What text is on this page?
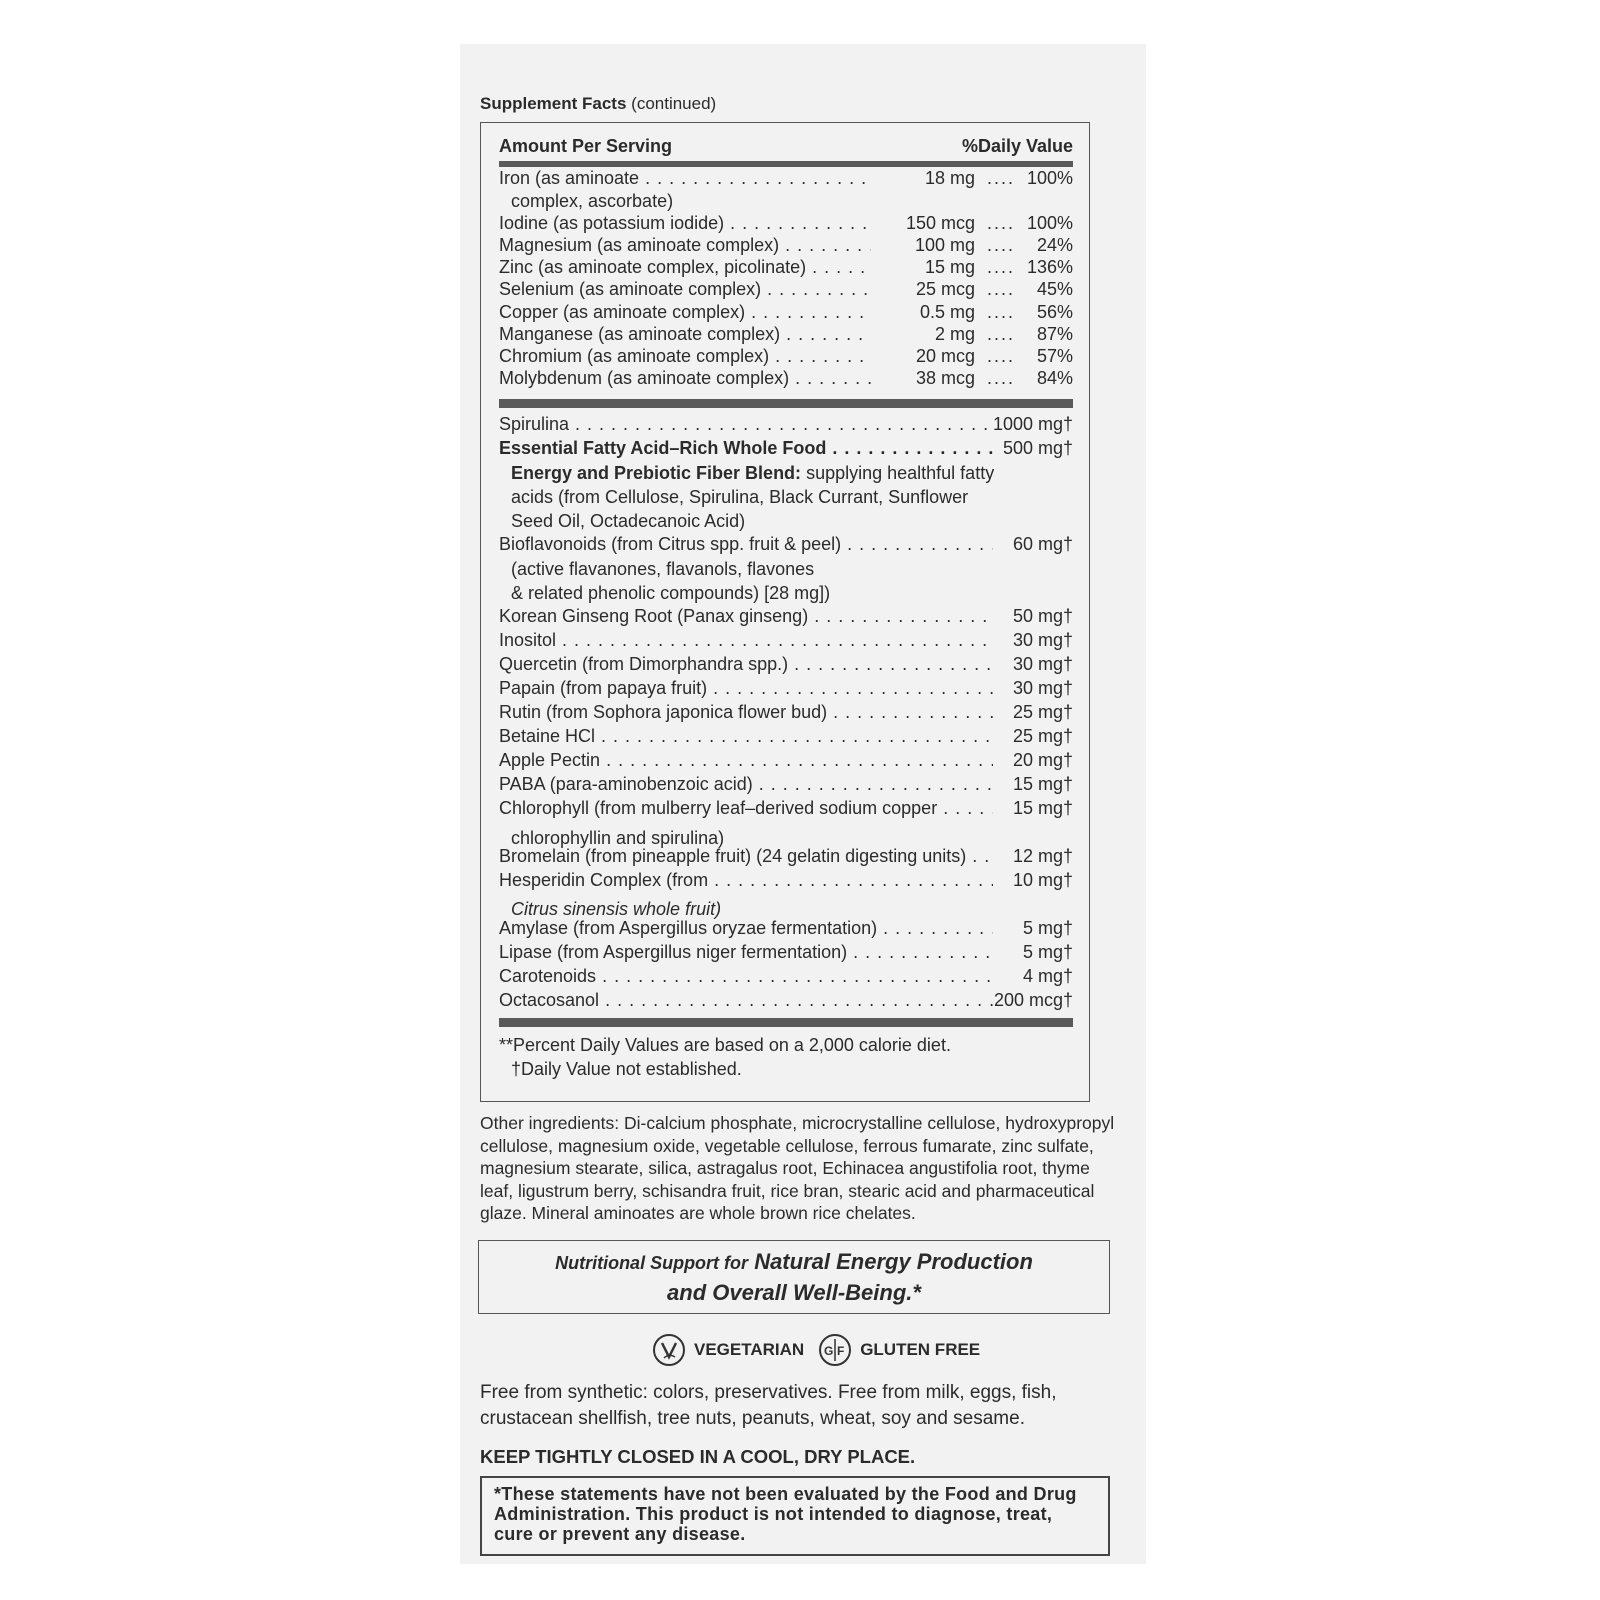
Supplement Facts (continued)
Amount Per Serving	%Daily Value
Iron (as aminoate . . .	18 mg .... 100%
complex, ascorbate)
Iodine (as potassium iodide) . . .	150 mcg .... 100%
Magnesium (as aminoate complex) . . .	100 mg ....	24%
Zinc (as aminoate complex, picolinate) . . .	15 mg .... 136%
Selenium (as aminoate complex) . . .	25 mcg ....	45%
Copper (as aminoate complex) . . .	0.5 mg ....	56%
Manganese (as aminoate complex) . . .	2 mg ....	87%
Chromium (as aminoate complex) . . .	20 mcg ....	57%
Molybdenum (as aminoate complex) . . .	38 mcg ....	84%
Spirulina . . .	1000 mg†
Essential Fatty Acid–Rich Whole Food . . .	500 mg†
Bioflavonoids (from Citrus spp. fruit & peel) . . .	60 mg†
Korean Ginseng Root (Panax ginseng) . . .	50 mg†
Inositol . . .	30 mg†
Quercetin (from Dimorphandra spp.) . . .	30 mg†
Papain (from papaya fruit) . . .	30 mg†
Rutin (from Sophora japonica flower bud) . . .	25 mg†
Betaine HCl . . .	25 mg†
Apple Pectin . . .	20 mg†
PABA (para-aminobenzoic acid) . . .	15 mg†
Chlorophyll (from mulberry leaf–derived sodium copper . . .	15 mg†
Bromelain (from pineapple fruit) (24 gelatin digesting units) . . .	12 mg†
Hesperidin Complex (from . . .	10 mg†
Amylase (from Aspergillus oryzae fermentation) . . .	5 mg†
Lipase (from Aspergillus niger fermentation) . . .	5 mg†
Carotenoids . . .	4 mg†
Octacosanol . . .	200 mcg†
Energy and Prebiotic Fiber Blend: supplying healthful fatty
acids (from Cellulose, Spirulina, Black Currant, Sunflower
Seed Oil, Octadecanoic Acid)
(active flavanones, flavanols, flavones
& related phenolic compounds) [28 mg])
chlorophyllin and spirulina)
Citrus sinensis whole fruit)
**Percent Daily Values are based on a 2,000 calorie diet.
†Daily Value not established.
Other ingredients: Di-calcium phosphate, microcrystalline cellulose, hydroxypropyl cellulose, magnesium oxide, vegetable cellulose, ferrous fumarate, zinc sulfate, magnesium stearate, silica, astragalus root, Echinacea angustifolia root, thyme leaf, ligustrum berry, schisandra fruit, rice bran, stearic acid and pharmaceutical glaze. Mineral aminoates are whole brown rice chelates.
Nutritional Support for Natural Energy Production
and Overall Well-Being.*
VEGETARIAN G F GLUTEN FREE
Free from synthetic: colors, preservatives. Free from milk, eggs, fish, crustacean shellfish, tree nuts, peanuts, wheat, soy and sesame.
KEEP TIGHTLY CLOSED IN A COOL, DRY PLACE.
*These statements have not been evaluated by the Food and Drug Administration. This product is not intended to diagnose, treat, cure or prevent any disease.
